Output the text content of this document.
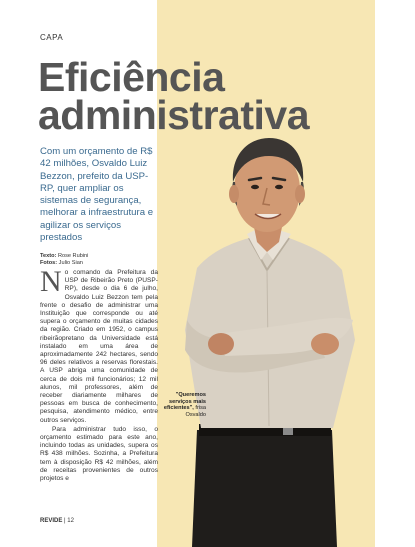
CAPA
Eficiência
administrativa
Com um orçamento de R$ 42 milhões, Osvaldo Luiz Bezzon, prefeito da USP-RP, quer ampliar os sistemas de segurança, melhorar a infraestrutura e agilizar os serviços prestados
Texto: Rose Rubini
Fotos: Julio Sian

No comando da Prefeitura da USP de Ribeirão Preto (PUSP-RP), desde o dia 6 de julho, Osvaldo Luiz Bezzon tem pela frente o desafio de administrar uma Instituição que corresponde ou até supera o orçamento de muitas cidades da região. Criado em 1952, o campus ribeirãopretano da Universidade está instalado em uma área de aproximadamente 242 hectares, sendo 96 deles relativos a reservas florestais. A USP abriga uma comunidade de cerca de dois mil funcionários; 12 mil alunos, mil professores, além de receber diariamente milhares de pessoas em busca de conhecimento, pesquisa, atendimento médico, entre outros serviços.

Para administrar tudo isso, o orçamento estimado para este ano, incluindo todas as unidades, supera os R$ 438 milhões. Sozinha, a Prefeitura tem à disposição R$ 42 milhões, além de receitas provenientes de outros projetos e

"Queremos serviços mais eficientes", frisa Osvaldo
REVIDE | 12
